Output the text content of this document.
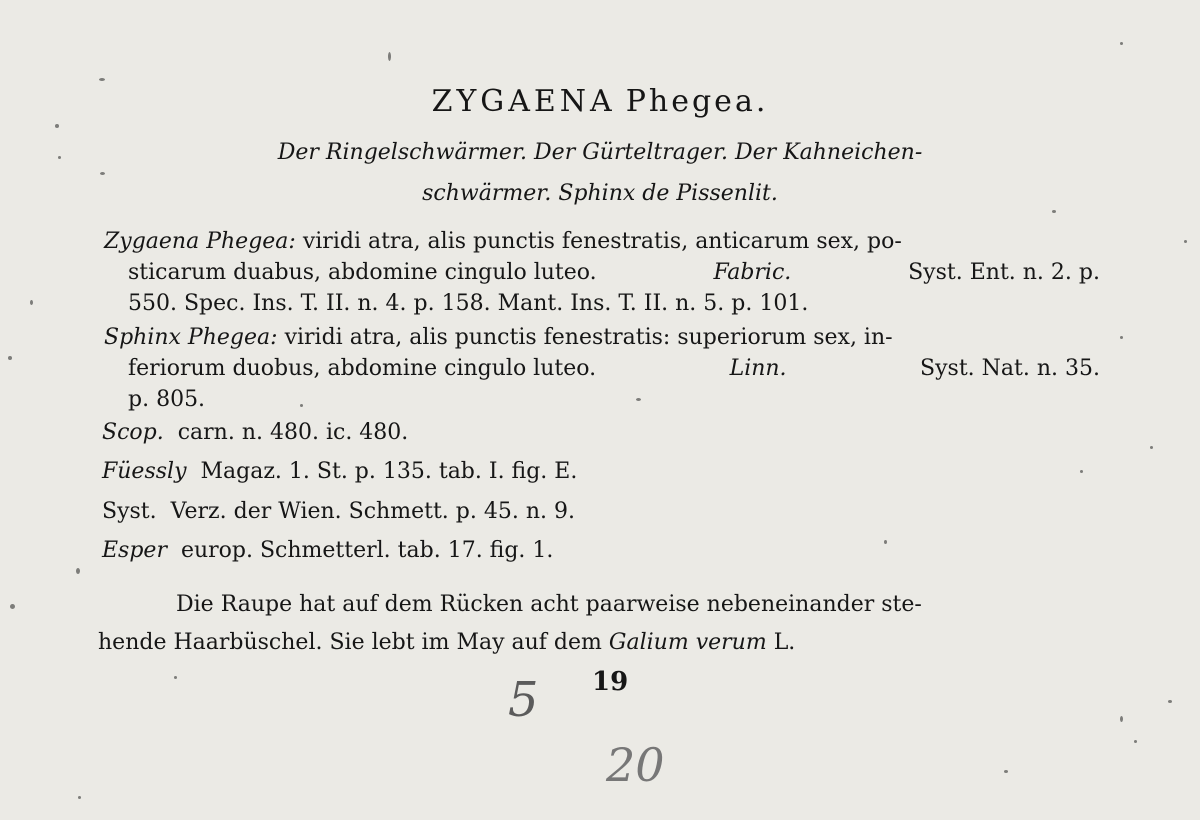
ZYGAENA Phegea.
Der Ringelschwärmer. Der Gürteltrager. Der Kahneichen-
schwärmer. Sphinx de Pissenlit.
Zygaena Phegea: viridi atra, alis punctis fenestratis, anticarum sex, po-
sticarum duabus, abdomine cingulo luteo.	Fabric.	Syst. Ent. n. 2. p.
550. Spec. Ins. T. II. n. 4. p. 158. Mant. Ins. T. II. n. 5. p. 101.
Sphinx Phegea: viridi atra, alis punctis fenestratis: superiorum sex, in-
feriorum duobus, abdomine cingulo luteo.	Linn.	Syst. Nat. n. 35.
p. 805.
Scop. carn. n. 480. ic. 480.
Füessly Magaz. 1. St. p. 135. tab. I. fig. E.
Syst. Verz. der Wien. Schmett. p. 45. n. 9.
Esper europ. Schmetterl. tab. 17. fig. 1.
Die Raupe hat auf dem Rücken acht paarweise nebeneinander ste-
hende Haarbüschel. Sie lebt im May auf dem Galium verum L.
19
5
20
